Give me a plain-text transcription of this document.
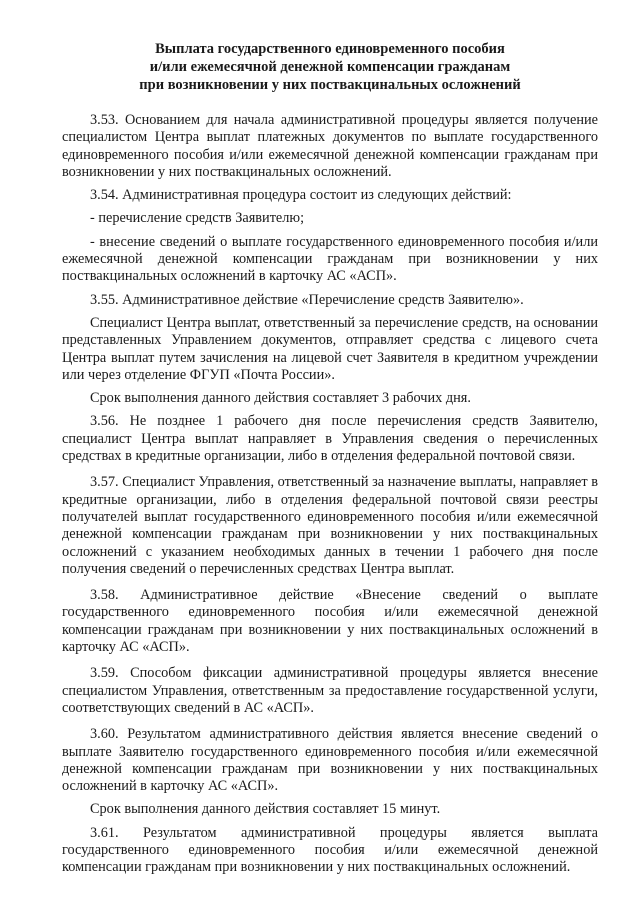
Выплата государственного единовременного пособия
и/или ежемесячной денежной компенсации гражданам
при возникновении у них поствакцинальных осложнений

3.53. Основанием для начала административной процедуры является получение специалистом Центра выплат платежных документов по выплате государственного единовременного пособия и/или ежемесячной денежной компенсации гражданам при возникновении у них поствакцинальных осложнений.

3.54. Административная процедура состоит из следующих действий:

- перечисление средств Заявителю;

- внесение сведений о выплате государственного единовременного пособия и/или ежемесячной денежной компенсации гражданам при возникновении у них поствакцинальных осложнений в карточку АС «АСП».

3.55. Административное действие «Перечисление средств Заявителю».

Специалист Центра выплат, ответственный за перечисление средств, на основании представленных Управлением документов, отправляет средства с лицевого счета Центра выплат путем зачисления на лицевой счет Заявителя в кредитном учреждении или через отделение ФГУП «Почта России».

Срок выполнения данного действия составляет 3 рабочих дня.

3.56. Не позднее 1 рабочего дня после перечисления средств Заявителю, специалист Центра выплат направляет в Управления сведения о перечисленных средствах в кредитные организации, либо в отделения федеральной почтовой связи.

3.57. Специалист Управления, ответственный за назначение выплаты, направляет в кредитные организации, либо в отделения федеральной почтовой связи реестры получателей выплат государственного единовременного пособия и/или ежемесячной денежной компенсации гражданам при возникновении у них поствакцинальных осложнений с указанием необходимых данных в течении 1 рабочего дня после получения сведений о перечисленных средствах Центра выплат.

3.58. Административное действие «Внесение сведений о выплате государственного единовременного пособия и/или ежемесячной денежной компенсации гражданам при возникновении у них поствакцинальных осложнений в карточку АС «АСП».

3.59. Способом фиксации административной процедуры является внесение специалистом Управления, ответственным за предоставление государственной услуги, соответствующих сведений в АС «АСП».

3.60. Результатом административного действия является внесение сведений о выплате Заявителю государственного единовременного пособия и/или ежемесячной денежной компенсации гражданам при возникновении у них поствакцинальных осложнений в карточку АС «АСП».

Срок выполнения данного действия составляет 15 минут.

3.61. Результатом административной процедуры является выплата государственного единовременного пособия и/или ежемесячной денежной компенсации гражданам при возникновении у них поствакцинальных осложнений.
